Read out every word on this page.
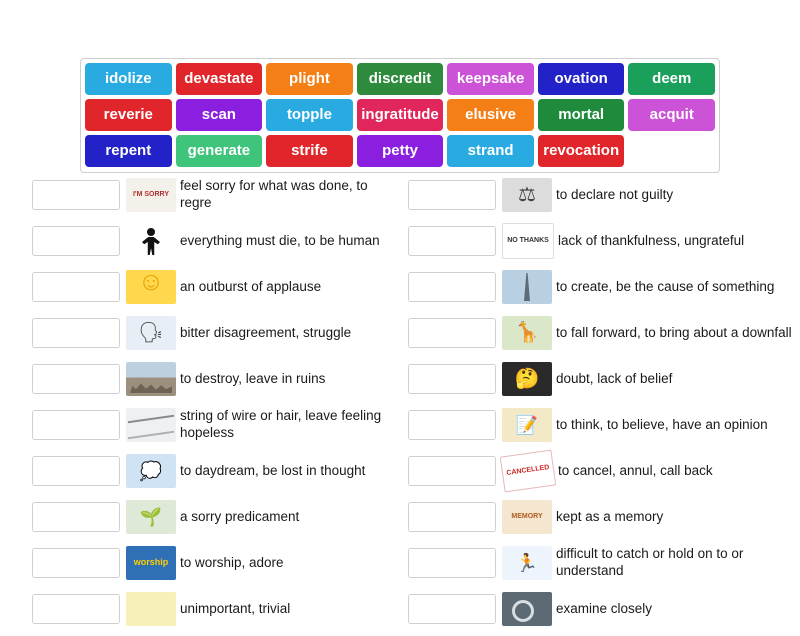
idolize	devastate	plight	discredit	keepsake	ovation	deem
reverie	scan	topple	ingratitude	elusive	mortal	acquit
repent	generate	strife	petty	strand	revocation
I'M SORRY
feel sorry for what was done, to regre
everything must die, to be human
☺
an outburst of applause
🗣
bitter disagreement, struggle
to destroy, leave in ruins
string of wire or hair, leave feeling hopeless
💭
to daydream, be lost in thought
🌱
a sorry predicament
worship to worship, adore
unimportant, trivial
⚖
to declare not guilty
NO THANKS lack of thankfulness, ungrateful
to create, be the cause of something
🦒
to fall forward, to bring about a downfall
🤔
doubt, lack of belief
📝
to think, to believe, have an opinion
CANCELLED to cancel, annul, call back
MEMORY kept as a memory
🏃
difficult to catch or hold on to or understand
examine closely
